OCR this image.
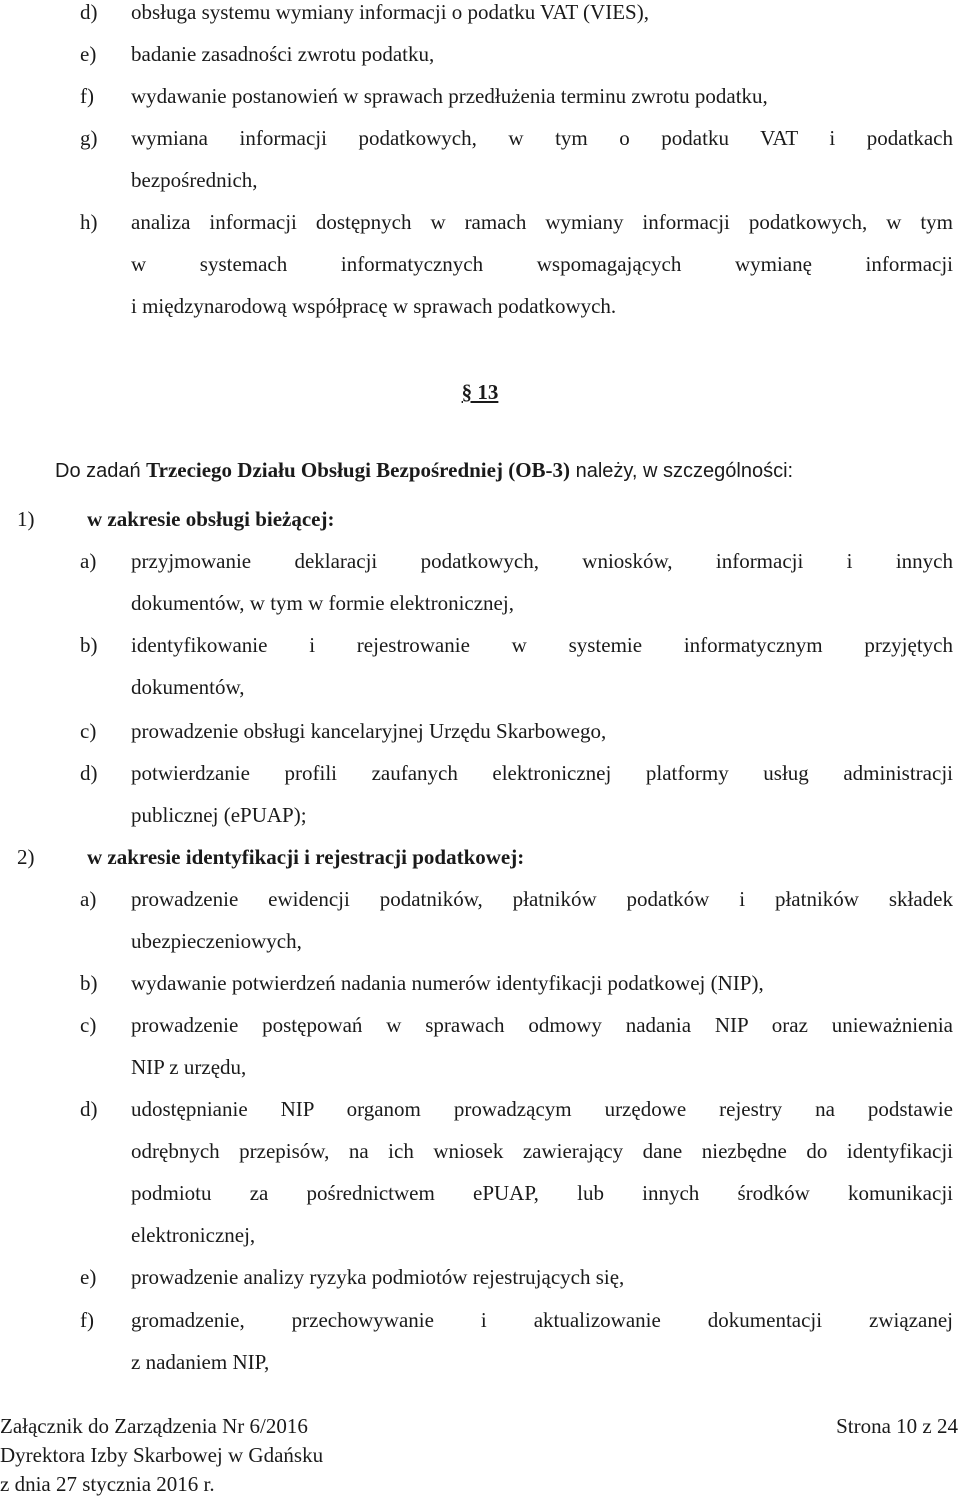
d) obsługa systemu wymiany informacji o podatku VAT (VIES),
e) badanie zasadności zwrotu podatku,
f) wydawanie postanowień w sprawach przedłużenia terminu zwrotu podatku,
g) wymiana informacji podatkowych, w tym o podatku VAT i podatkach
bezpośrednich,
h) analiza informacji dostępnych w ramach wymiany informacji podatkowych, w tym
w systemach informatycznych wspomagających wymianę informacji
i międzynarodową współpracę w sprawach podatkowych.
a) przyjmowanie deklaracji podatkowych, wniosków, informacji i innych
dokumentów, w tym w formie elektronicznej,
b) identyfikowanie i rejestrowanie w systemie informatycznym przyjętych
dokumentów,
c) prowadzenie obsługi kancelaryjnej Urzędu Skarbowego,
d) potwierdzanie profili zaufanych elektronicznej platformy usług administracji
publicznej (ePUAP);
a) prowadzenie ewidencji podatników, płatników podatków i płatników składek
ubezpieczeniowych,
b) wydawanie potwierdzeń nadania numerów identyfikacji podatkowej (NIP),
c) prowadzenie postępowań w sprawach odmowy nadania NIP oraz unieważnienia
NIP z urzędu,
d) udostępnianie NIP organom prowadzącym urzędowe rejestry na podstawie
odrębnych przepisów, na ich wniosek zawierający dane niezbędne do identyfikacji
podmiotu za pośrednictwem ePUAP, lub innych środków komunikacji
elektronicznej,
e) prowadzenie analizy ryzyka podmiotów rejestrujących się,
f) gromadzenie, przechowywanie i aktualizowanie dokumentacji związanej
z nadaniem NIP,
§ 13
Do zadań Trzeciego Działu Obsługi Bezpośredniej (OB-3) należy, w szczególności:
1)	w zakresie obsługi bieżącej:
2)	w zakresie identyfikacji i rejestracji podatkowej:
Załącznik do Zarządzenia Nr 6/2016
Dyrektora Izby Skarbowej w Gdańsku
z dnia 27 stycznia 2016 r.
Strona 10 z 24
